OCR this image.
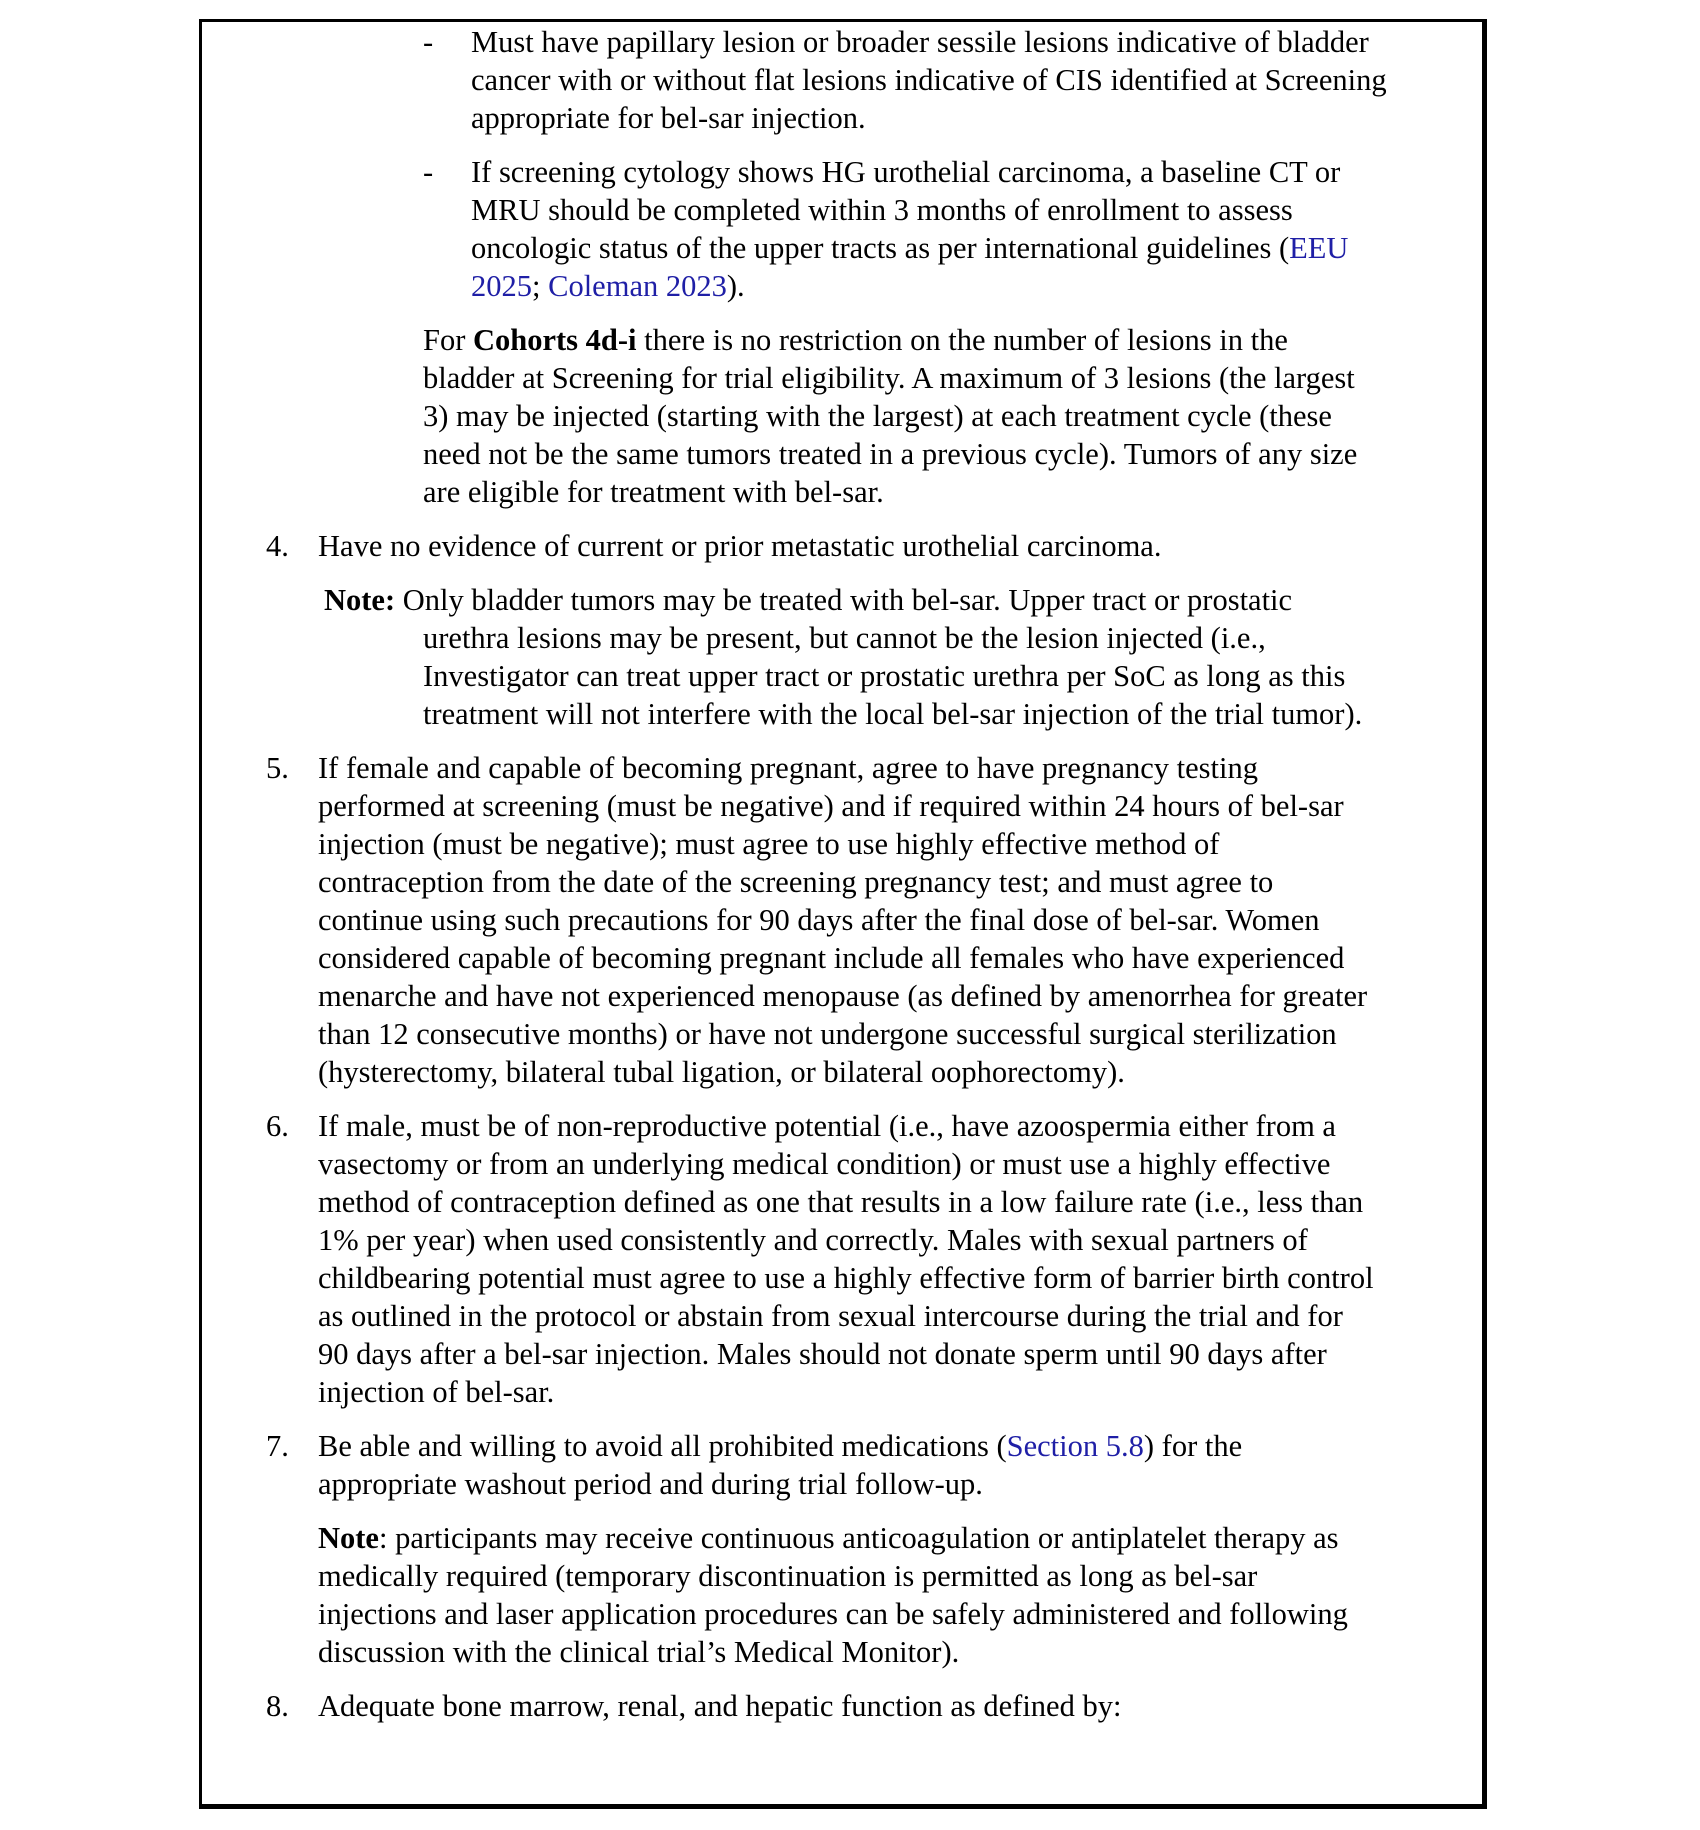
- Must have papillary lesion or broader sessile lesions indicative of bladder
cancer with or without flat lesions indicative of CIS identified at Screening
appropriate for bel-sar injection.
- If screening cytology shows HG urothelial carcinoma, a baseline CT or
MRU should be completed within 3 months of enrollment to assess
oncologic status of the upper tracts as per international guidelines (EEU
2025; Coleman 2023).
For Cohorts 4d-i there is no restriction on the number of lesions in the
bladder at Screening for trial eligibility. A maximum of 3 lesions (the largest
3) may be injected (starting with the largest) at each treatment cycle (these
need not be the same tumors treated in a previous cycle). Tumors of any size
are eligible for treatment with bel-sar.
4. Have no evidence of current or prior metastatic urothelial carcinoma.
Note: Only bladder tumors may be treated with bel-sar. Upper tract or prostatic
urethra lesions may be present, but cannot be the lesion injected (i.e.,
Investigator can treat upper tract or prostatic urethra per SoC as long as this
treatment will not interfere with the local bel-sar injection of the trial tumor).
5. If female and capable of becoming pregnant, agree to have pregnancy testing
performed at screening (must be negative) and if required within 24 hours of bel-sar
injection (must be negative); must agree to use highly effective method of
contraception from the date of the screening pregnancy test; and must agree to
continue using such precautions for 90 days after the final dose of bel-sar. Women
considered capable of becoming pregnant include all females who have experienced
menarche and have not experienced menopause (as defined by amenorrhea for greater
than 12 consecutive months) or have not undergone successful surgical sterilization
(hysterectomy, bilateral tubal ligation, or bilateral oophorectomy).
6. If male, must be of non-reproductive potential (i.e., have azoospermia either from a
vasectomy or from an underlying medical condition) or must use a highly effective
method of contraception defined as one that results in a low failure rate (i.e., less than
1% per year) when used consistently and correctly. Males with sexual partners of
childbearing potential must agree to use a highly effective form of barrier birth control
as outlined in the protocol or abstain from sexual intercourse during the trial and for
90 days after a bel-sar injection. Males should not donate sperm until 90 days after
injection of bel-sar.
7. Be able and willing to avoid all prohibited medications (Section 5.8) for the
appropriate washout period and during trial follow-up.
Note: participants may receive continuous anticoagulation or antiplatelet therapy as
medically required (temporary discontinuation is permitted as long as bel-sar
injections and laser application procedures can be safely administered and following
discussion with the clinical trial’s Medical Monitor).
8. Adequate bone marrow, renal, and hepatic function as defined by:
